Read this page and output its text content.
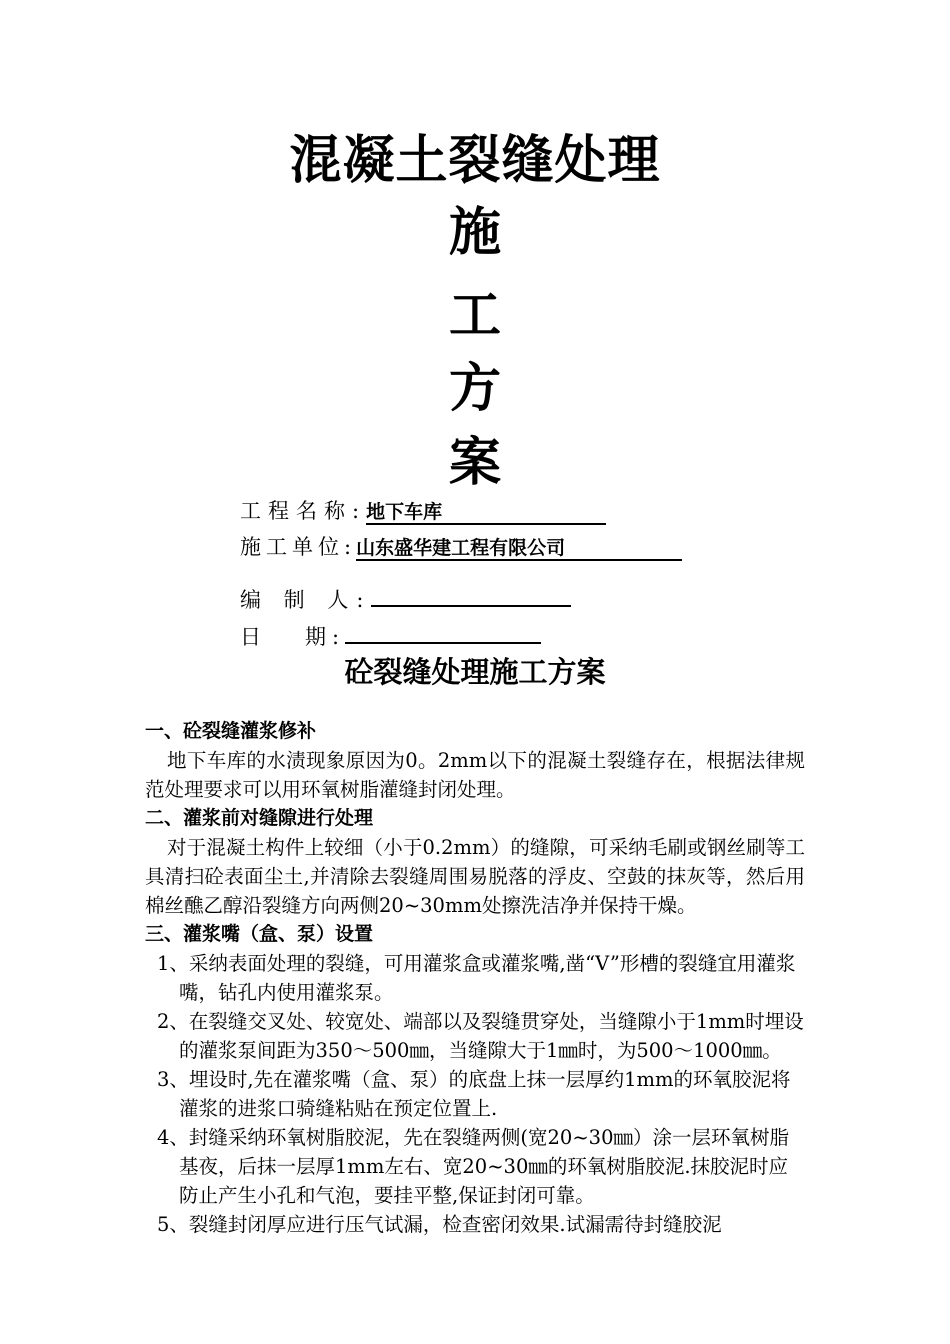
混凝土裂缝处理
施
工
方
案
工程名称:地下车库
施工单位:山东盛华建工程有限公司
编 制 人:
日   期:
砼裂缝处理施工方案

一、砼裂缝灌浆修补

地下车库的水渍现象原因为0。2mm以下的混凝土裂缝存在，根据法律规范处理要求可以用环氧树脂灌缝封闭处理。

二、灌浆前对缝隙进行处理

对于混凝土构件上较细（小于0.2mm）的缝隙，可采纳毛刷或钢丝刷等工具清扫砼表面尘土,并清除去裂缝周围易脱落的浮皮、空鼓的抹灰等，然后用棉丝醮乙醇沿裂缝方向两侧20~30mm处擦洗洁净并保持干燥。

三、灌浆嘴（盒、泵）设置

1、采纳表面处理的裂缝，可用灌浆盒或灌浆嘴,凿“V”形槽的裂缝宜用灌浆嘴，钻孔内使用灌浆泵。

2、在裂缝交叉处、较宽处、端部以及裂缝贯穿处，当缝隙小于1mm时埋设的灌浆泵间距为350～500㎜，当缝隙大于1㎜时，为500～1000㎜。

3、埋设时,先在灌浆嘴（盒、泵）的底盘上抹一层厚约1mm的环氧胶泥将灌浆的进浆口骑缝粘贴在预定位置上.

4、封缝采纳环氧树脂胶泥，先在裂缝两侧(宽20~30㎜）涂一层环氧树脂基夜，后抹一层厚1mm左右、宽20~30㎜的环氧树脂胶泥.抹胶泥时应防止产生小孔和气泡，要挂平整,保证封闭可靠。

5、裂缝封闭厚应进行压气试漏，检查密闭效果.试漏需待封缝胶泥
